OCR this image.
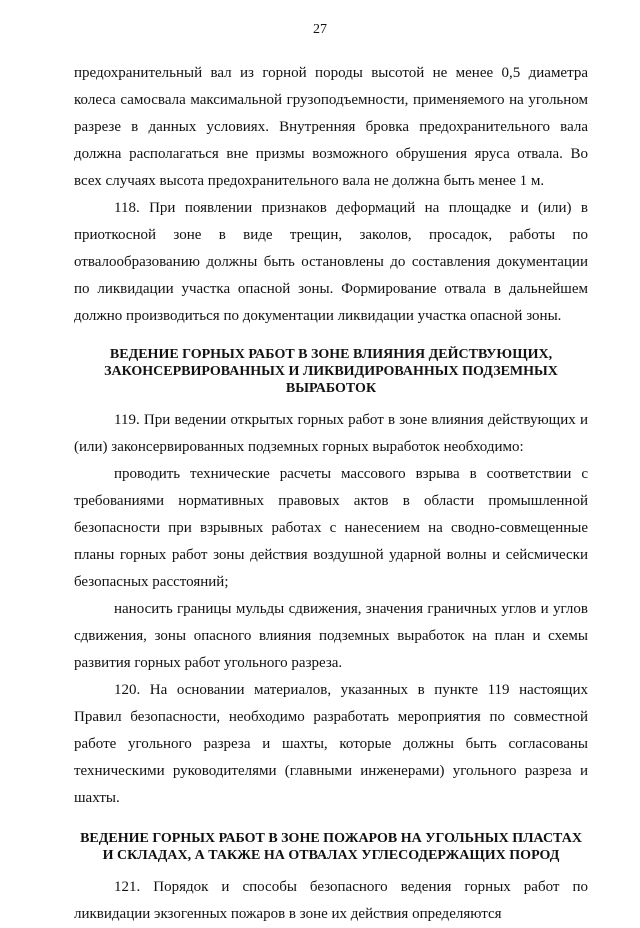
27

предохранительный вал из горной породы высотой не менее 0,5 диаметра колеса самосвала максимальной грузоподъемности, применяемого на угольном разрезе в данных условиях. Внутренняя бровка предохранительного вала должна располагаться вне призмы возможного обрушения яруса отвала. Во всех случаях высота предохранительного вала не должна быть менее 1 м.

118. При появлении признаков деформаций на площадке и (или) в приоткосной зоне в виде трещин, заколов, просадок, работы по отвалообразованию должны быть остановлены до составления документации по ликвидации участка опасной зоны. Формирование отвала в дальнейшем должно производиться по документации ликвидации участка опасной зоны.

ВЕДЕНИЕ ГОРНЫХ РАБОТ В ЗОНЕ ВЛИЯНИЯ ДЕЙСТВУЮЩИХ,
ЗАКОНСЕРВИРОВАННЫХ И ЛИКВИДИРОВАННЫХ ПОДЗЕМНЫХ ВЫРАБОТОК

119. При ведении открытых горных работ в зоне влияния действующих и (или) законсервированных подземных горных выработок необходимо:

проводить технические расчеты массового взрыва в соответствии с требованиями нормативных правовых актов в области промышленной безопасности при взрывных работах с нанесением на сводно-совмещенные планы горных работ зоны действия воздушной ударной волны и сейсмически безопасных расстояний;

наносить границы мульды сдвижения, значения граничных углов и углов сдвижения, зоны опасного влияния подземных выработок на план и схемы развития горных работ угольного разреза.

120. На основании материалов, указанных в пункте 119 настоящих Правил безопасности, необходимо разработать мероприятия по совместной работе угольного разреза и шахты, которые должны быть согласованы техническими руководителями (главными инженерами) угольного разреза и шахты.

ВЕДЕНИЕ ГОРНЫХ РАБОТ В ЗОНЕ ПОЖАРОВ НА УГОЛЬНЫХ ПЛАСТАХ
И СКЛАДАХ, А ТАКЖЕ НА ОТВАЛАХ УГЛЕСОДЕРЖАЩИХ ПОРОД

121. Порядок и способы безопасного ведения горных работ по ликвидации экзогенных пожаров в зоне их действия определяются
